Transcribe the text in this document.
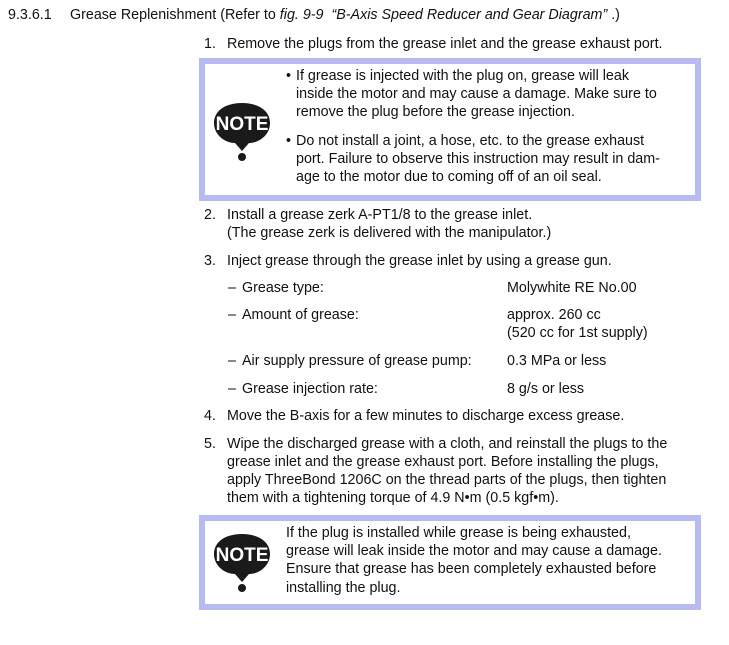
9.3.6.1 Grease Replenishment (Refer to fig. 9-9 “B-Axis Speed Reducer and Gear Diagram” .)
1. Remove the plugs from the grease inlet and the grease exhaust port.
NOTE
• If grease is injected with the plug on, grease will leak
inside the motor and may cause a damage. Make sure to
remove the plug before the grease injection.
• Do not install a joint, a hose, etc. to the grease exhaust
port. Failure to observe this instruction may result in dam-
age to the motor due to coming off of an oil seal.
2. Install a grease zerk A-PT1/8 to the grease inlet.
(The grease zerk is delivered with the manipulator.)
3. Inject grease through the grease inlet by using a grease gun.
– Grease type:	Molywhite RE No.00
– Amount of grease:	approx. 260 cc
(520 cc for 1st supply)
– Air supply pressure of grease pump: 0.3 MPa or less
– Grease injection rate:	8 g/s or less
4. Move the B-axis for a few minutes to discharge excess grease.
5. Wipe the discharged grease with a cloth, and reinstall the plugs to the
grease inlet and the grease exhaust port. Before installing the plugs,
apply ThreeBond 1206C on the thread parts of the plugs, then tighten
them with a tightening torque of 4.9 N•m (0.5 kgf•m).
NOTE
If the plug is installed while grease is being exhausted,
grease will leak inside the motor and may cause a damage.
Ensure that grease has been completely exhausted before
installing the plug.
